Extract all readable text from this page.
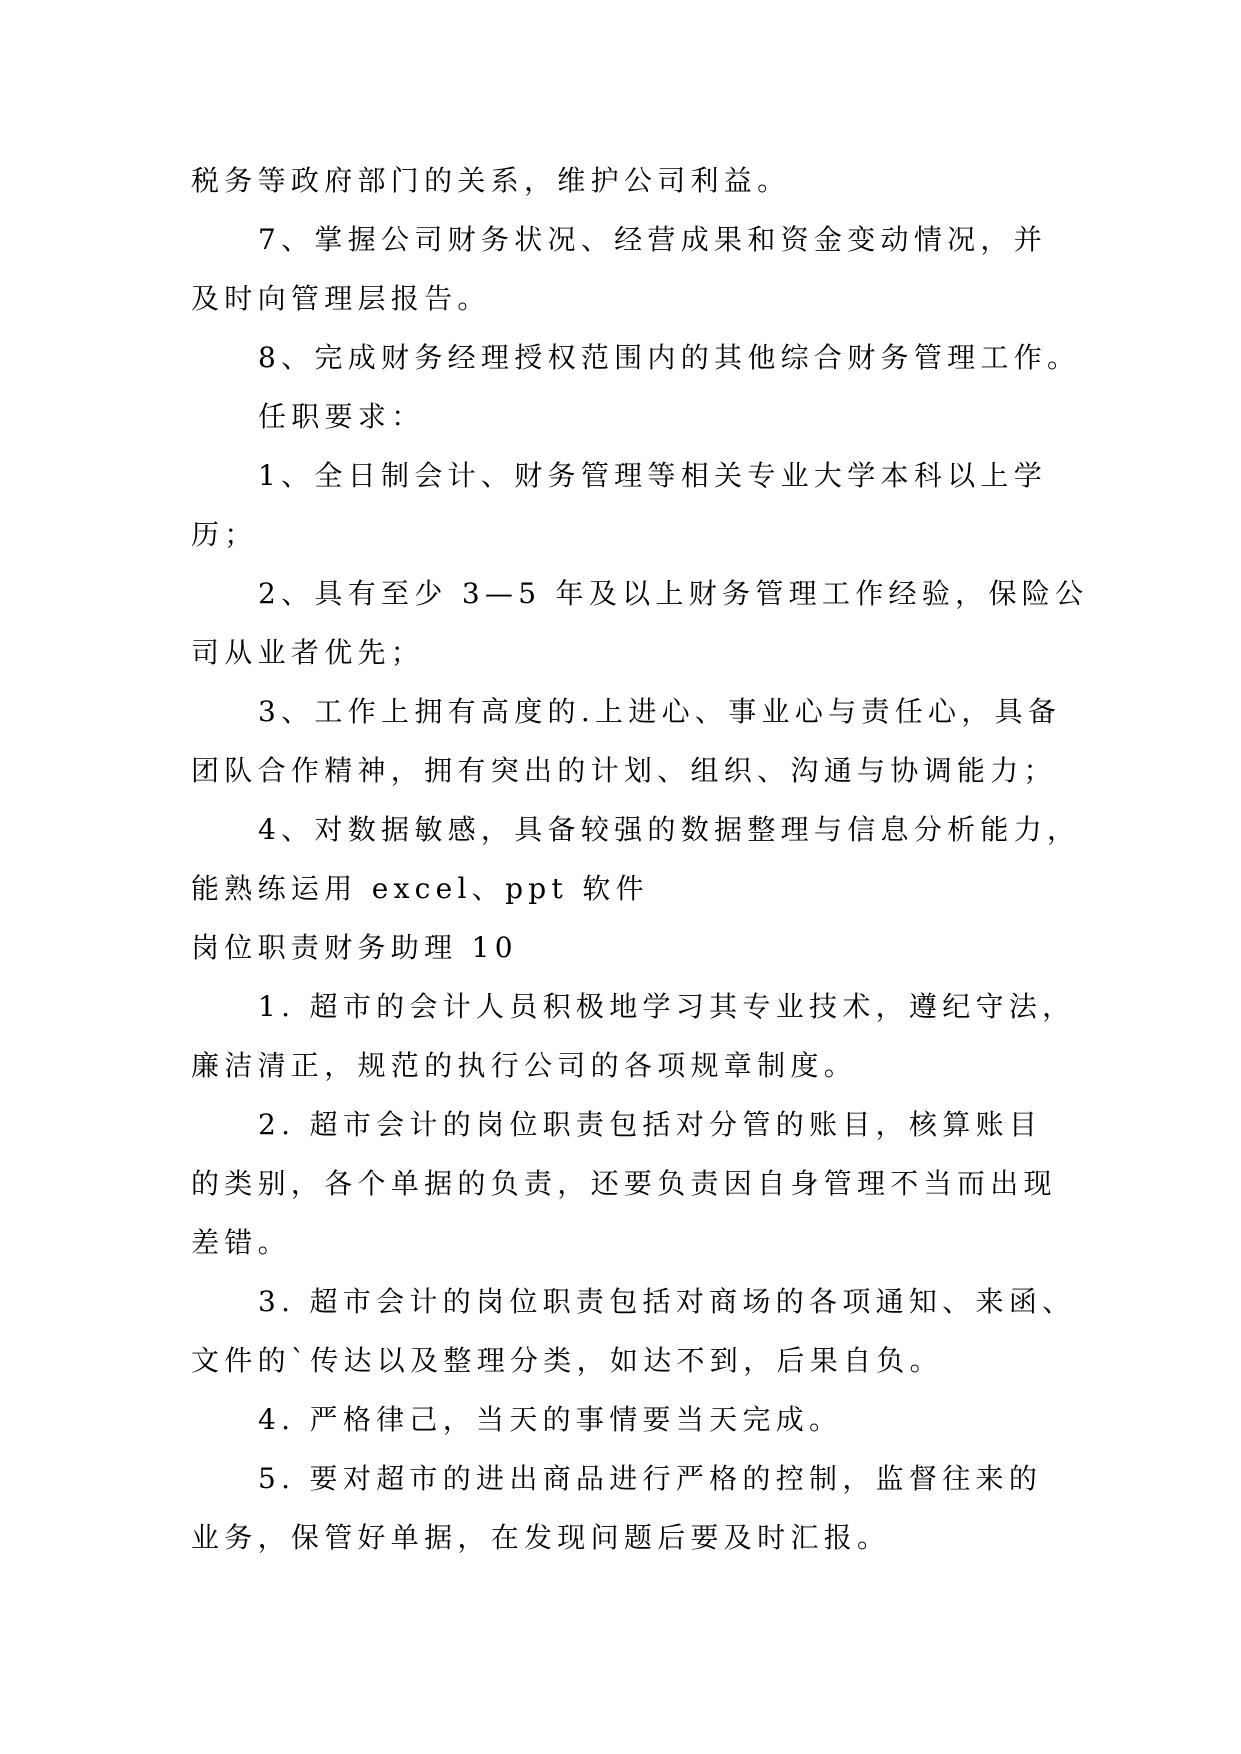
税务等政府部门的关系，维护公司利益。
7、掌握公司财务状况、经营成果和资金变动情况，并
及时向管理层报告。
8、完成财务经理授权范围内的其他综合财务管理工作。
任职要求：
1、全日制会计、财务管理等相关专业大学本科以上学
历；
2、具有至少 3—5 年及以上财务管理工作经验，保险公
司从业者优先；
3、工作上拥有高度的.上进心、事业心与责任心，具备
团队合作精神，拥有突出的计划、组织、沟通与协调能力；
4、对数据敏感，具备较强的数据整理与信息分析能力，
能熟练运用 excel、ppt 软件
岗位职责财务助理 10
1. 超市的会计人员积极地学习其专业技术，遵纪守法，
廉洁清正，规范的执行公司的各项规章制度。
2. 超市会计的岗位职责包括对分管的账目，核算账目
的类别，各个单据的负责，还要负责因自身管理不当而出现
差错。
3. 超市会计的岗位职责包括对商场的各项通知、来函、
文件的`传达以及整理分类，如达不到，后果自负。
4. 严格律己，当天的事情要当天完成。
5. 要对超市的进出商品进行严格的控制，监督往来的
业务，保管好单据，在发现问题后要及时汇报。
